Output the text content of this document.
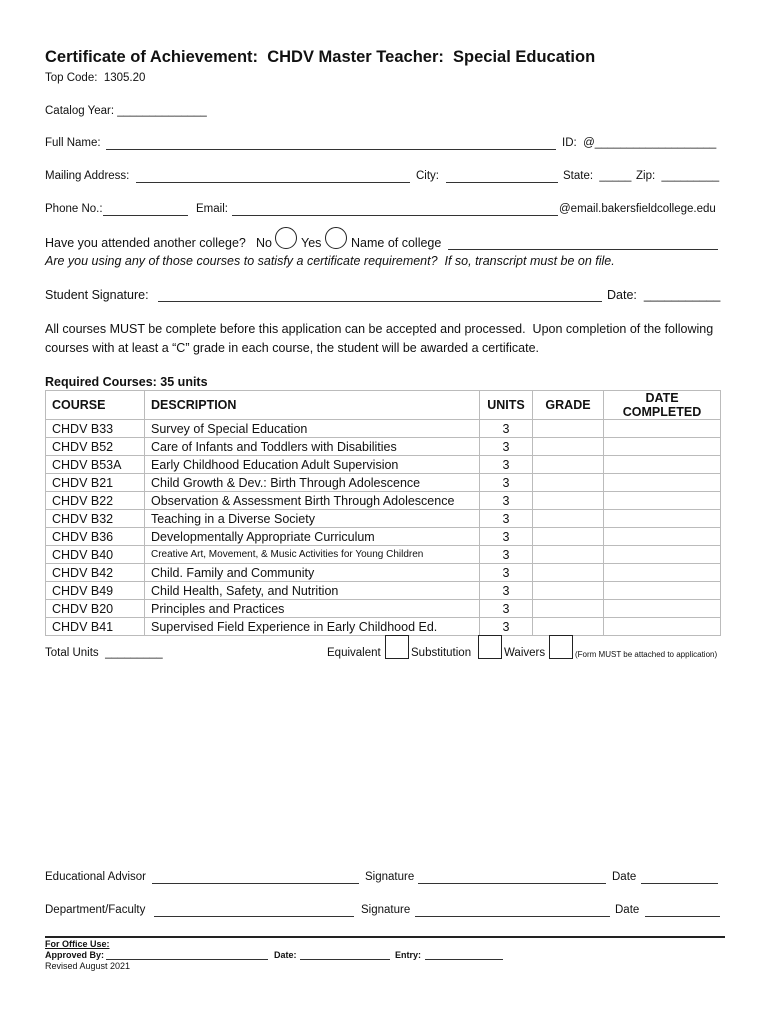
Certificate of Achievement:  CHDV Master Teacher:  Special Education
Top Code:  1305.20
Catalog Year: ______________
Full Name:	ID:  @___________________
Mailing Address:	City:	State:  _____ Zip:  _________
Phone No.:	Email:	@email.bakersfieldcollege.edu
Have you attended another college? No Yes Name of college
Are you using any of those courses to satisfy a certificate requirement?  If so, transcript must be on file.
Student Signature:	Date:  ___________
All courses MUST be complete before this application can be accepted and processed.  Upon completion of the following
courses with at least a “C” grade in each course, the student will be awarded a certificate.
Required Courses: 35 units
COURSE	DESCRIPTION	UNITS	GRADE	DATE COMPLETED
CHDV B33	Survey of Special Education	3		
CHDV B52	Care of Infants and Toddlers with Disabilities	3		
CHDV B53A	Early Childhood Education Adult Supervision	3		
CHDV B21	Child Growth & Dev.: Birth Through Adolescence	3		
CHDV B22	Observation & Assessment Birth Through Adolescence	3		
CHDV B32	Teaching in a Diverse Society	3		
CHDV B36	Developmentally Appropriate Curriculum	3		
CHDV B40	Creative Art, Movement, & Music Activities for Young Children	3		
CHDV B42	Child. Family and Community	3		
CHDV B49	Child Health, Safety, and Nutrition	3		
CHDV B20	Principles and Practices	3		
CHDV B41	Supervised Field Experience in Early Childhood Ed.	3		
Total Units  _________	Equivalent	Substitution	Waivers	(Form MUST be attached to application)
Educational Advisor	Signature	Date
Department/Faculty	Signature	Date
For Office Use:
Approved By:	Date:	Entry:
Revised August 2021
